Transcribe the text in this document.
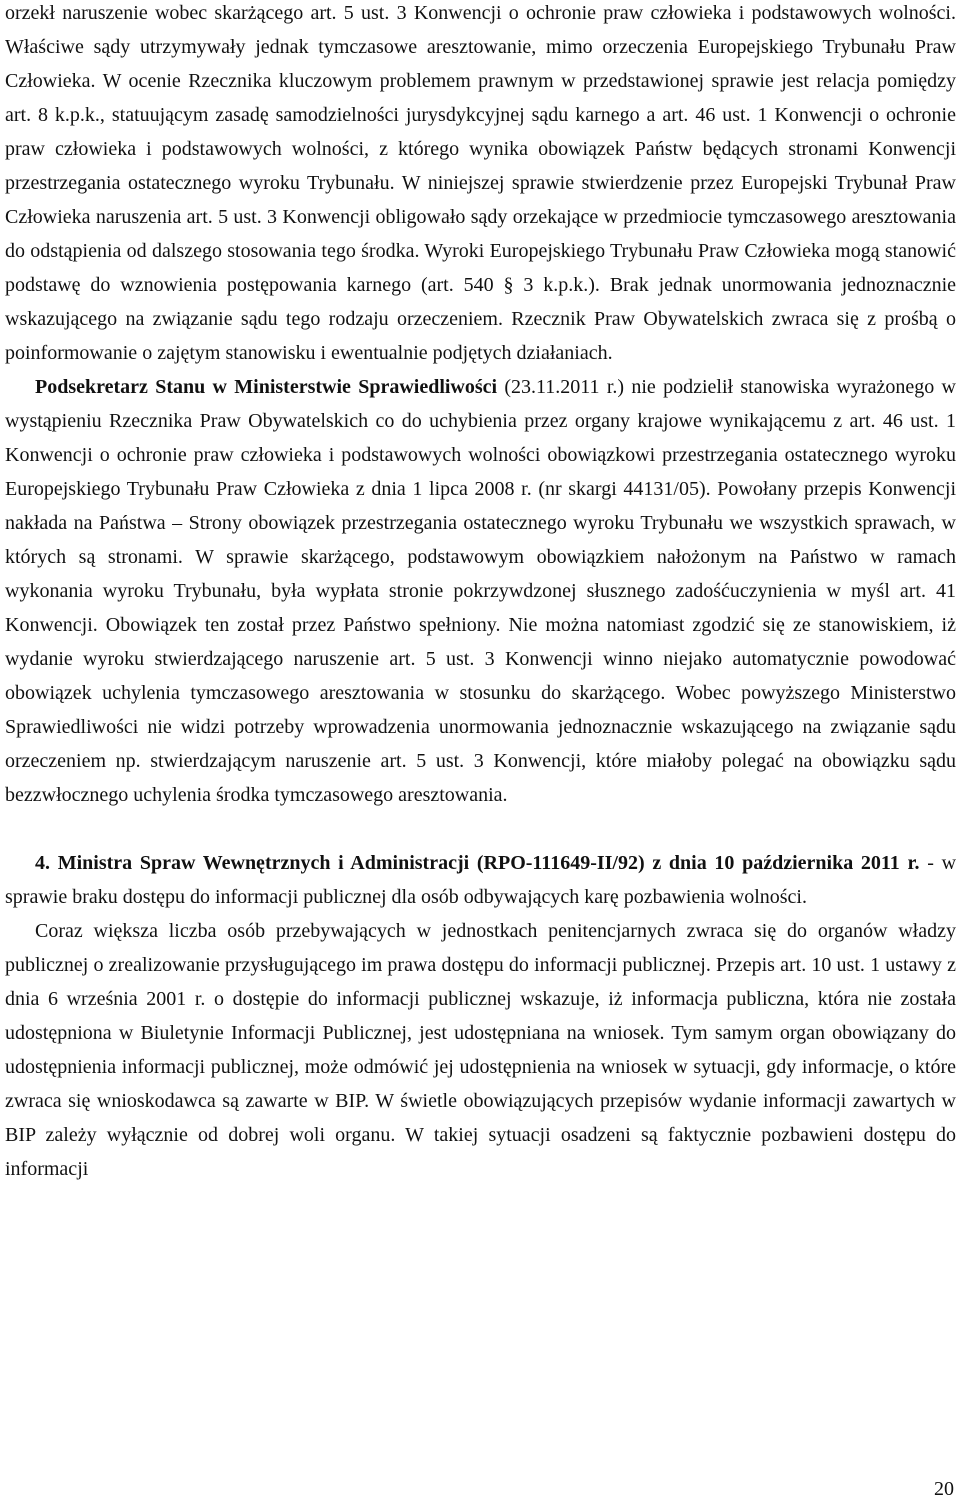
orzekł naruszenie wobec skarżącego art. 5 ust. 3 Konwencji o ochronie praw człowieka i podstawowych wolności. Właściwe sądy utrzymywały jednak tymczasowe aresztowanie, mimo orzeczenia Europejskiego Trybunału Praw Człowieka. W ocenie Rzecznika kluczowym problemem prawnym w przedstawionej sprawie jest relacja pomiędzy art. 8 k.p.k., statuującym zasadę samodzielności jurysdykcyjnej sądu karnego a art. 46 ust. 1 Konwencji o ochronie praw człowieka i podstawowych wolności, z którego wynika obowiązek Państw będących stronami Konwencji przestrzegania ostatecznego wyroku Trybunału. W niniejszej sprawie stwierdzenie przez Europejski Trybunał Praw Człowieka naruszenia art. 5 ust. 3 Konwencji obligowało sądy orzekające w przedmiocie tymczasowego aresztowania do odstąpienia od dalszego stosowania tego środka. Wyroki Europejskiego Trybunału Praw Człowieka mogą stanowić podstawę do wznowienia postępowania karnego (art. 540 § 3 k.p.k.). Brak jednak unormowania jednoznacznie wskazującego na związanie sądu tego rodzaju orzeczeniem. Rzecznik Praw Obywatelskich zwraca się z prośbą o poinformowanie o zajętym stanowisku i ewentualnie podjętych działaniach.

Podsekretarz Stanu w Ministerstwie Sprawiedliwości (23.11.2011 r.) nie podzielił stanowiska wyrażonego w wystąpieniu Rzecznika Praw Obywatelskich co do uchybienia przez organy krajowe wynikającemu z art. 46 ust. 1 Konwencji o ochronie praw człowieka i podstawowych wolności obowiązkowi przestrzegania ostatecznego wyroku Europejskiego Trybunału Praw Człowieka z dnia 1 lipca 2008 r. (nr skargi 44131/05). Powołany przepis Konwencji nakłada na Państwa – Strony obowiązek przestrzegania ostatecznego wyroku Trybunału we wszystkich sprawach, w których są stronami. W sprawie skarżącego, podstawowym obowiązkiem nałożonym na Państwo w ramach wykonania wyroku Trybunału, była wypłata stronie pokrzywdzonej słusznego zadośćuczynienia w myśl art. 41 Konwencji. Obowiązek ten został przez Państwo spełniony. Nie można natomiast zgodzić się ze stanowiskiem, iż wydanie wyroku stwierdzającego naruszenie art. 5 ust. 3 Konwencji winno niejako automatycznie powodować obowiązek uchylenia tymczasowego aresztowania w stosunku do skarżącego. Wobec powyższego Ministerstwo Sprawiedliwości nie widzi potrzeby wprowadzenia unormowania jednoznacznie wskazującego na związanie sądu orzeczeniem np. stwierdzającym naruszenie art. 5 ust. 3 Konwencji, które miałoby polegać na obowiązku sądu bezzwłocznego uchylenia środka tymczasowego aresztowania.

4. Ministra Spraw Wewnętrznych i Administracji (RPO-111649-II/92) z dnia 10 października 2011 r. - w sprawie braku dostępu do informacji publicznej dla osób odbywających karę pozbawienia wolności.

Coraz większa liczba osób przebywających w jednostkach penitencjarnych zwraca się do organów władzy publicznej o zrealizowanie przysługującego im prawa dostępu do informacji publicznej. Przepis art. 10 ust. 1 ustawy z dnia 6 września 2001 r. o dostępie do informacji publicznej wskazuje, iż informacja publiczna, która nie została udostępniona w Biuletynie Informacji Publicznej, jest udostępniana na wniosek. Tym samym organ obowiązany do udostępnienia informacji publicznej, może odmówić jej udostępnienia na wniosek w sytuacji, gdy informacje, o które zwraca się wnioskodawca są zawarte w BIP. W świetle obowiązujących przepisów wydanie informacji zawartych w BIP zależy wyłącznie od dobrej woli organu. W takiej sytuacji osadzeni są faktycznie pozbawieni dostępu do informacji

20
